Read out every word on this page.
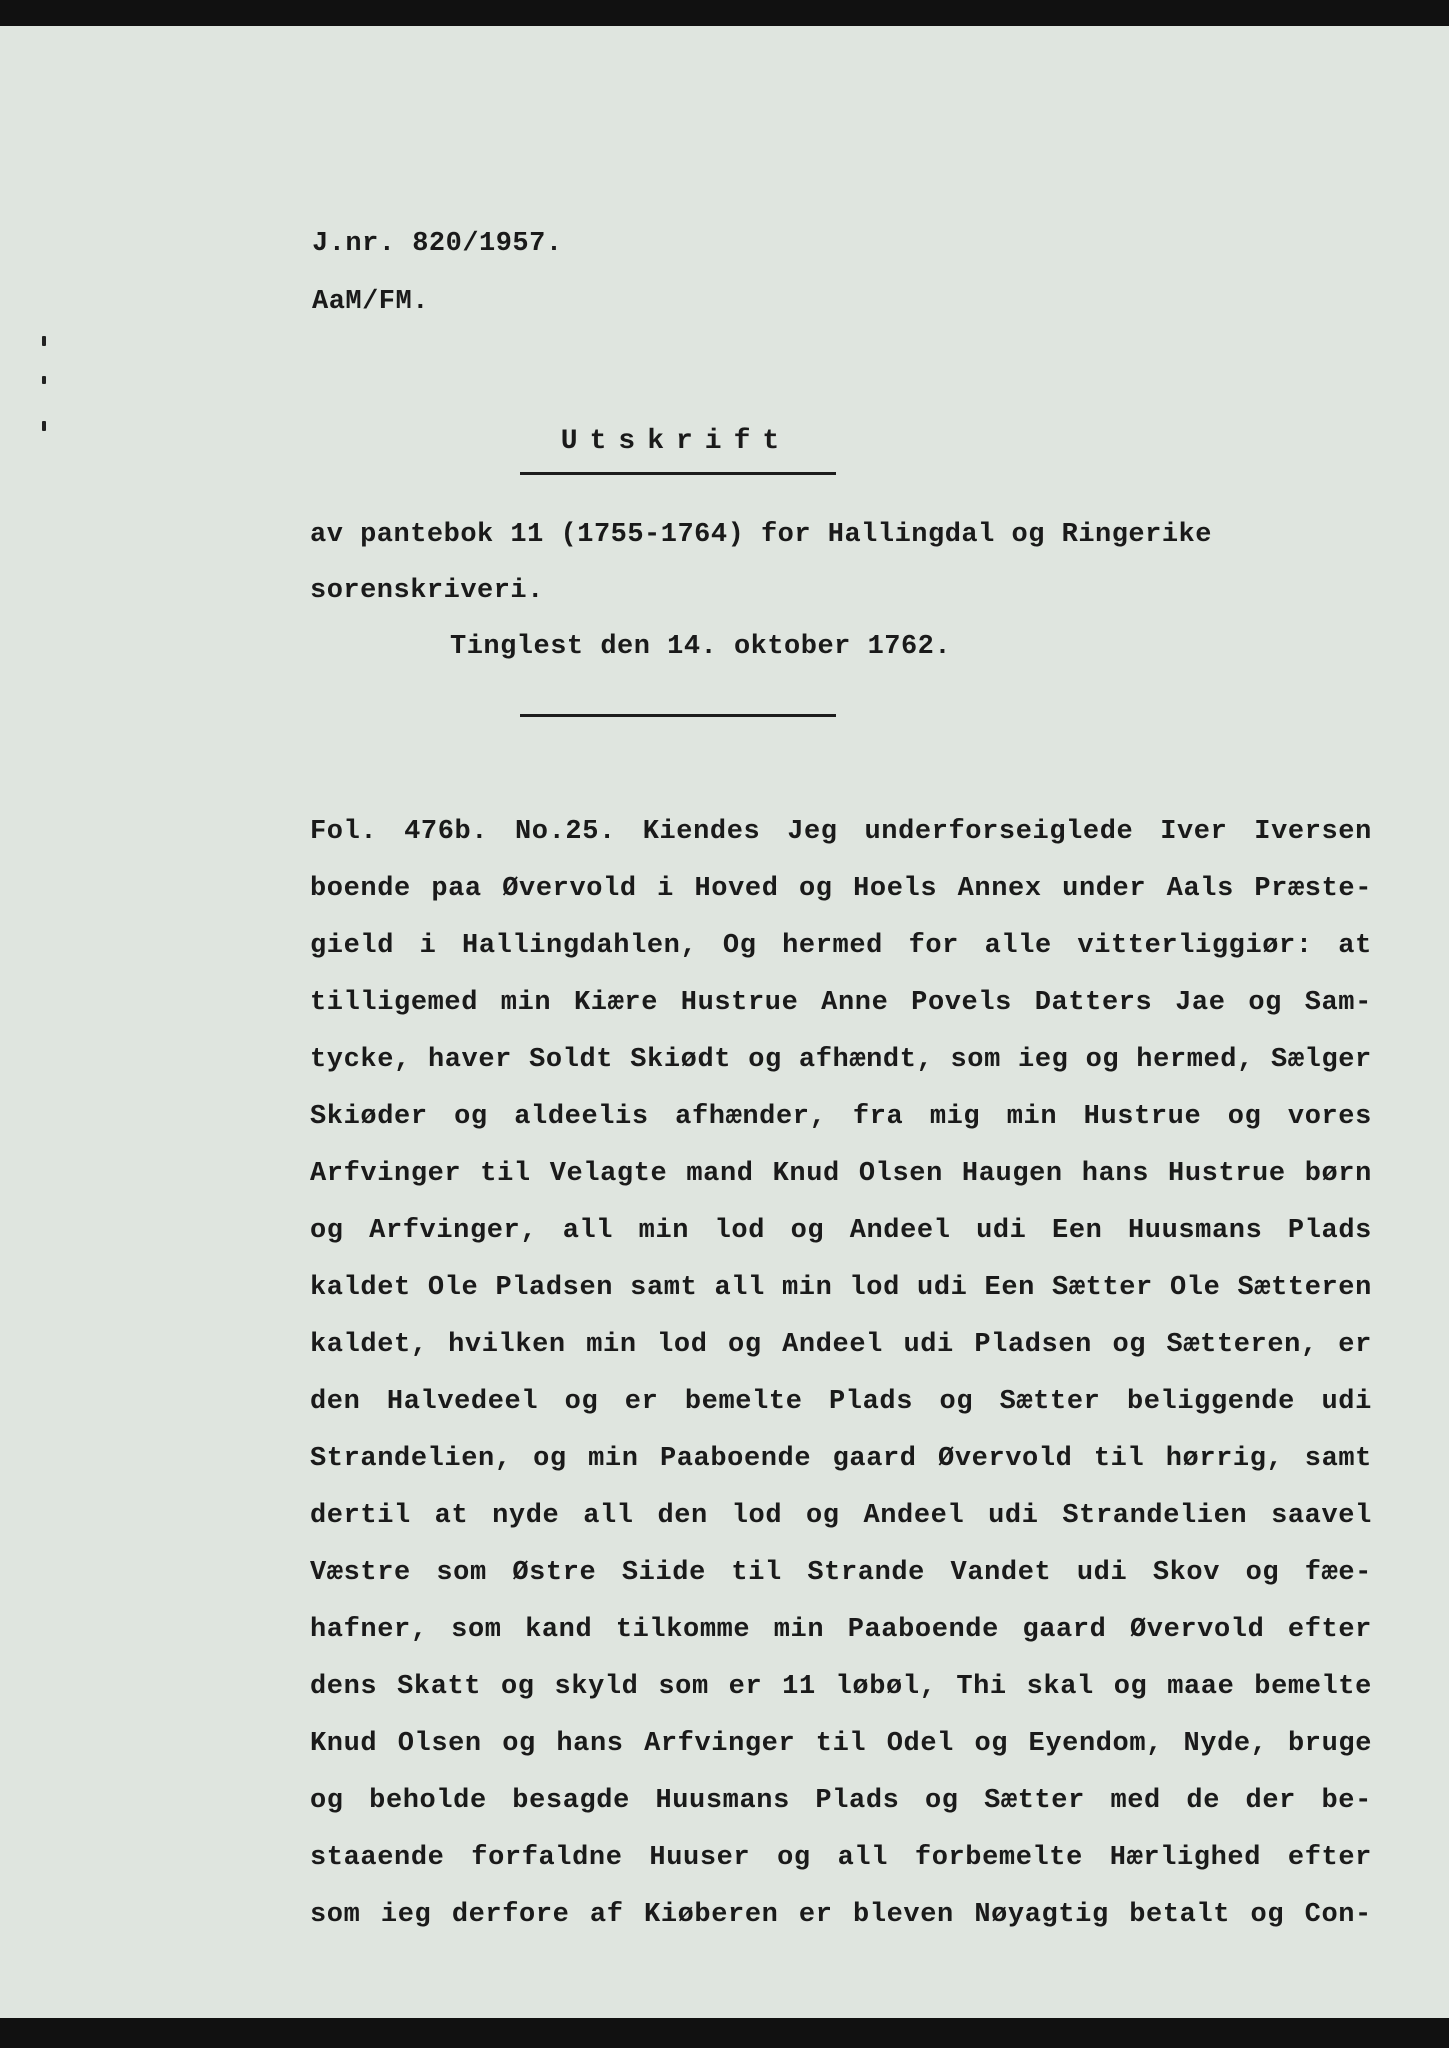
J.nr. 820/1957.
AaM/FM.
Utskrift
av pantebok 11 (1755-1764) for Hallingdal og Ringerike
sorenskriveri.
Tinglest den 14. oktober 1762.
Fol. 476b. No.25. Kiendes Jeg underforseiglede Iver Iversen
boende paa Øvervold i Hoved og Hoels Annex under Aals Præste-
gield i Hallingdahlen, Og hermed for alle vitterliggiør: at
tilligemed min Kiære Hustrue Anne Povels Datters Jae og Sam-
tycke, haver Soldt Skiødt og afhændt, som ieg og hermed, Sælger
Skiøder og aldeelis afhænder, fra mig min Hustrue og vores
Arfvinger til Velagte mand Knud Olsen Haugen hans Hustrue børn
og Arfvinger, all min lod og Andeel udi Een Huusmans Plads
kaldet Ole Pladsen samt all min lod udi Een Sætter Ole Sætteren
kaldet, hvilken min lod og Andeel udi Pladsen og Sætteren, er
den Halvedeel og er bemelte Plads og Sætter beliggende udi
Strandelien, og min Paaboende gaard Øvervold til hørrig, samt
dertil at nyde all den lod og Andeel udi Strandelien saavel
Væstre som Østre Siide til Strande Vandet udi Skov og fæe-
hafner, som kand tilkomme min Paaboende gaard Øvervold efter
dens Skatt og skyld som er 11 løbøl, Thi skal og maae bemelte
Knud Olsen og hans Arfvinger til Odel og Eyendom, Nyde, bruge
og beholde besagde Huusmans Plads og Sætter med de der be-
staaende forfaldne Huuser og all forbemelte Hærlighed efter
som ieg derfore af Kiøberen er bleven Nøyagtig betalt og Con-
